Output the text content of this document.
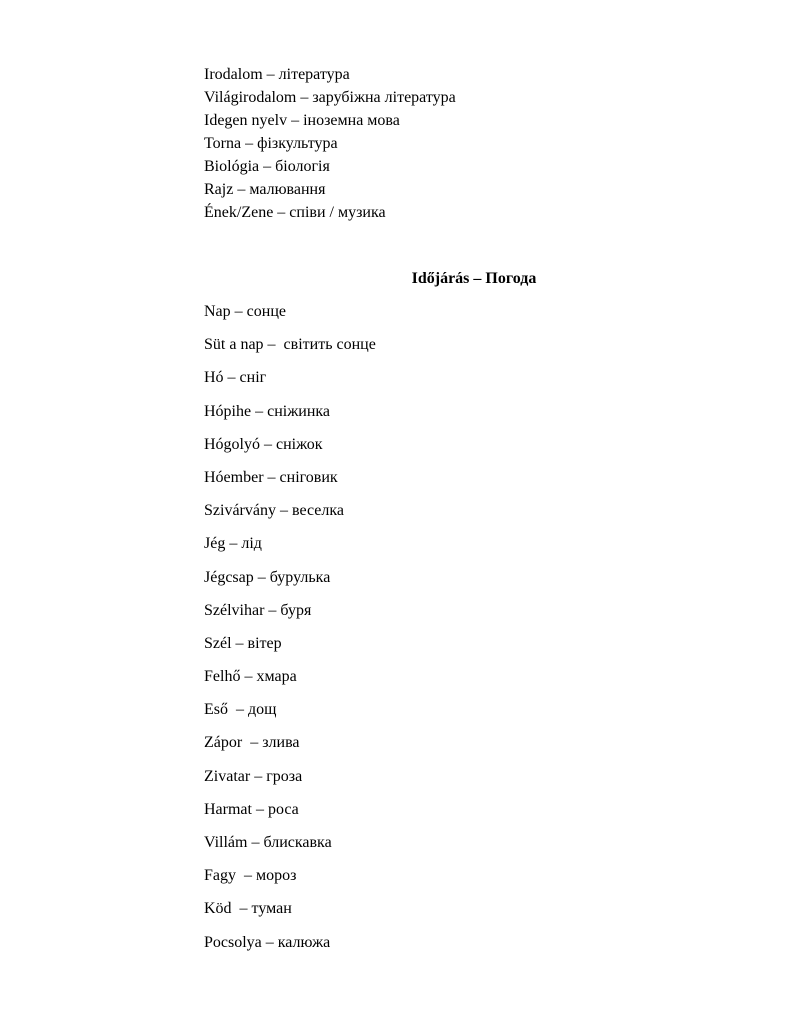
Irodalom – література
Világirodalom – зарубіжна література
Idegen nyelv – іноземна мова
Torna – фізкультура
Biológia – біологія
Rajz – малювання
Ének/Zene – співи / музика
Időjárás – Погода
Nap – сонце
Süt a nap –  світить сонце
Hó – сніг
Hópihe – сніжинка
Hógolyó – сніжок
Hóember – сніговик
Szivárvány – веселка
Jég – лід
Jégcsap – бурулька
Szélvihar – буря
Szél – вітер
Felhő – хмара
Eső  – дощ
Zápor  – злива
Zivatar – гроза
Harmat – роса
Villám – блискавка
Fagy  – мороз
Köd  – туман
Pocsolya – калюжа
